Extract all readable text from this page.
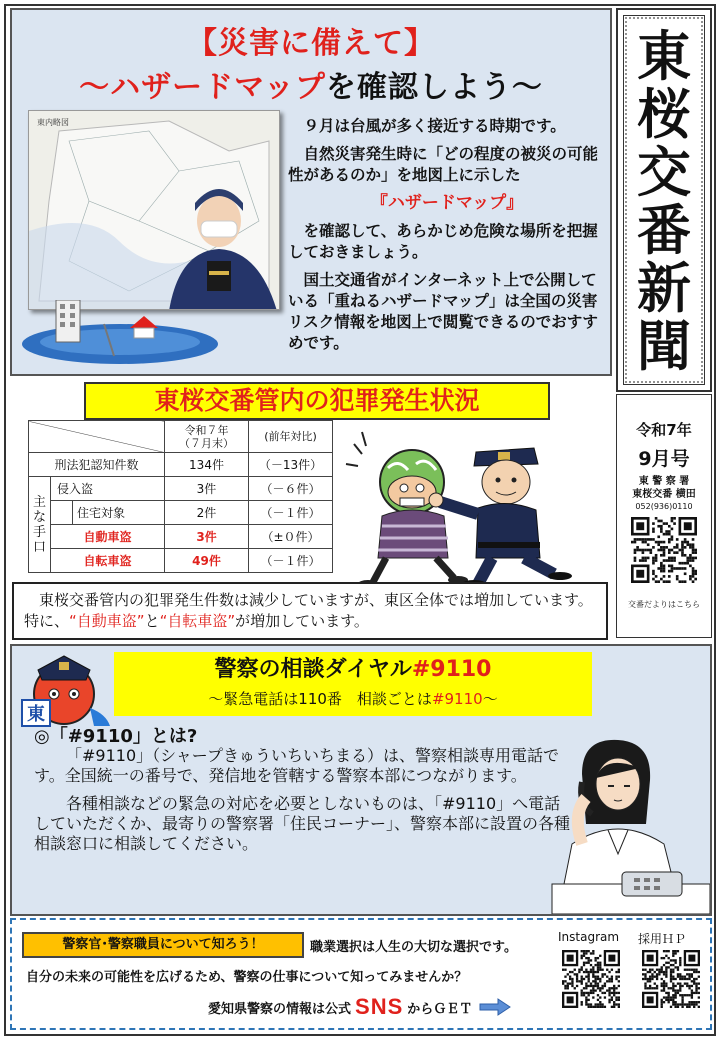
【災害に備えて】
～ハザードマップを確認しよう～
東内略図	９月は台風が多く接近する時期です。

自然災害発生時に「どの程度の被災の可能性があるのか」を地図上に示した

『ハザードマップ』

を確認して、あらかじめ危険な場所を把握しておきましょう。

国土交通省がインターネット上で公開している「重ねるハザードマップ」は全国の災害リスク情報を地図上で閲覧できるのでおすすめです。

東
桜
交
番
新
聞
令和7年
9月号
東 警 察 署
東桜交番 横田
052(936)0110
交番だよりはこちら
東桜交番管内の犯罪発生状況
			令和７年
（７月末）	(前年対比)
刑法犯認知件数			134件	（－13件）

主な手口	侵入盗		3件	（－６件）
		住宅対象	2件	（－１件）
	自動車盗		3件	（±０件）
	自転車盗		49件	（－１件）
東桜交番管内の犯罪発生件数は減少していますが、東区全体では増加しています。特に、“自動車盗”と“自転車盗”が増加しています。
東
警察の相談ダイヤル#9110
～緊急電話は110番　相談ごとは#9110～
◎「#9110」とは?

「#9110」（シャープきゅういちいちまる）は、警察相談専用電話です。全国統一の番号で、発信地を管轄する警察本部につながります。

各種相談などの緊急の対応を必要としないものは、「#9110」へ電話していただくか、最寄りの警察署「住民コーナー」、警察本部に設置の各種相談窓口に相談してください。

警察官･警察職員について知ろう！	職業選択は人生の大切な選択です。
自分の未来の可能性を広げるため、警察の仕事について知ってみませんか？
愛知県警察の情報は公式 SNS からＧＥＴ
Instagram 採用ＨＰ
